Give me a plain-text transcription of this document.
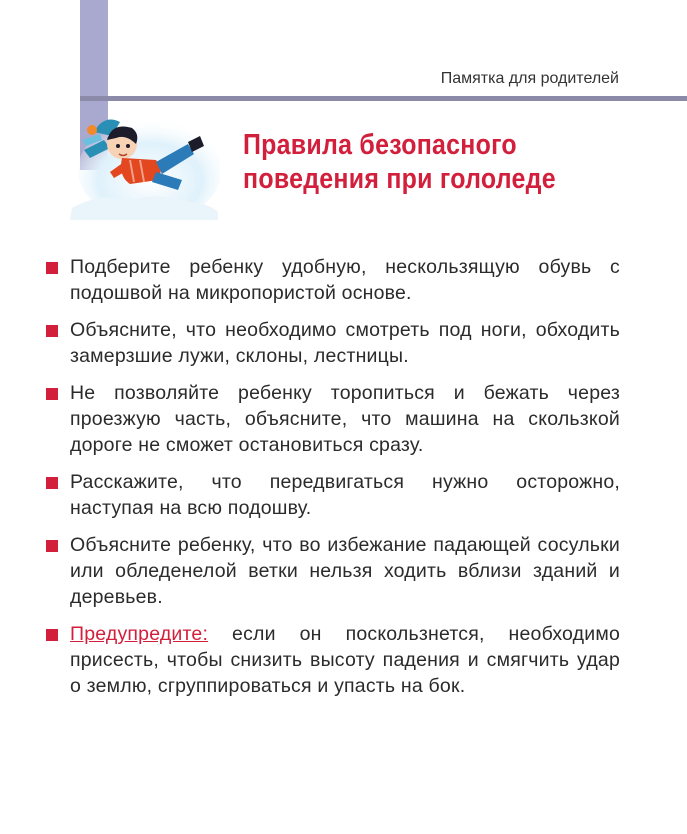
Памятка для родителей
Правила безопасного
поведения при гололеде
Подберите ребенку удобную, нескользящую обувь с подошвой на микропористой основе.
Объясните, что необходимо смотреть под ноги, обходить замерзшие лужи, склоны, лестницы.
Не позволяйте ребенку торопиться и бежать через проезжую часть, объясните, что машина на скользкой дороге не сможет остановиться сразу.
Расскажите, что передвигаться нужно осторожно, наступая на всю подошву.
Объясните ребенку, что во избежание падающей сосульки или обледенелой ветки нельзя ходить вблизи зданий и деревьев.
Предупредите: если он поскользнется, необходимо присесть, чтобы снизить высоту падения и смягчить удар о землю, сгруппироваться и упасть на бок.
